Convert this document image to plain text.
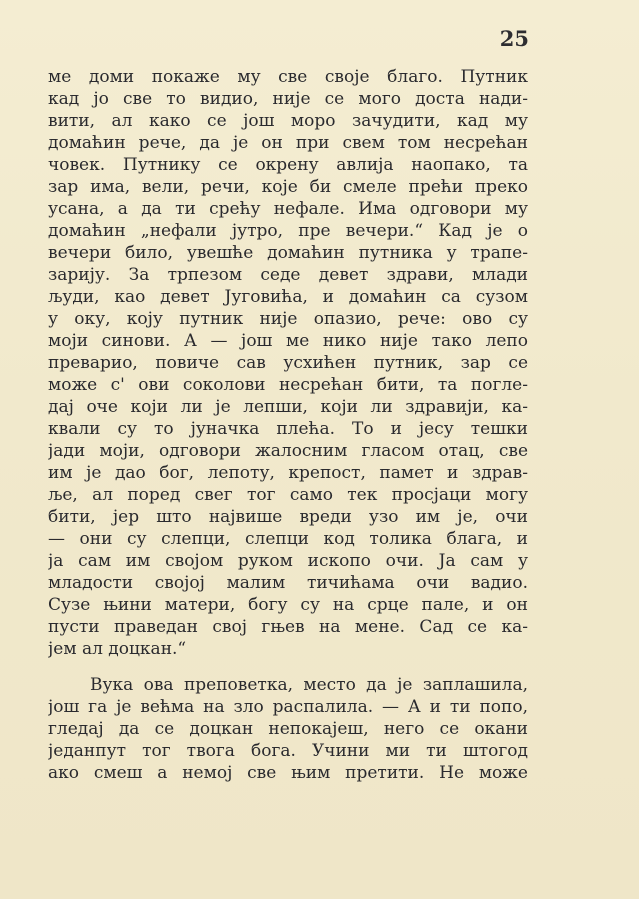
25
ме доми покаже му све своје благо. Путник
кад јо све то видио, није се мого доста нади-
вити, ал како се још моро зачудити, кад му
домаћин рече, да је он при свем том несрећан
човек. Путнику се окрену авлија наопако, та
зар има, вели, речи, које би смеле прећи преко
усана, а да ти срећу нефале. Има одговори му
домаћин „нефали јутро, пре вечери.“ Кад је о
вечери било, увешће домаћин путника у трапе-
зарију. За трпезом седе девет здрави, млади
људи, као девет Југовића, и домаћин са сузом
у оку, коју путник није опазио, рече: ово су
моји синови. А — још ме нико није тако лепо
преварио, повиче сав усхићен путник, зар се
може с' ови соколови несрећан бити, та погле-
дај оче који ли је лепши, који ли здравији, ка-
квали су то јуначка плећа. То и јесу тешки
јади моји, одговори жалосним гласом отац, све
им је дао бог, лепоту, крепост, памет и здрав-
ље, ал поред свег тог само тек просјаци могу
бити, јер што највише вреди узо им је, очи
— они су слепци, слепци код толика блага, и
ја сам им својом руком ископо очи. Ја сам у
младости својој малим тичићама очи вадио.
Сузе њини матери, богу су на срце пале, и он
пусти праведан свој гњев на мене. Сад се ка-
јем ал доцкан.“
Вука ова преповетка, место да је заплашила,
још га је већма на зло распалила. — А и ти попо,
гледај да се доцкан непокајеш, него се окани
једанпут тог твога бога. Учини ми ти штогод
ако смеш а немој све њим претити. Не може
